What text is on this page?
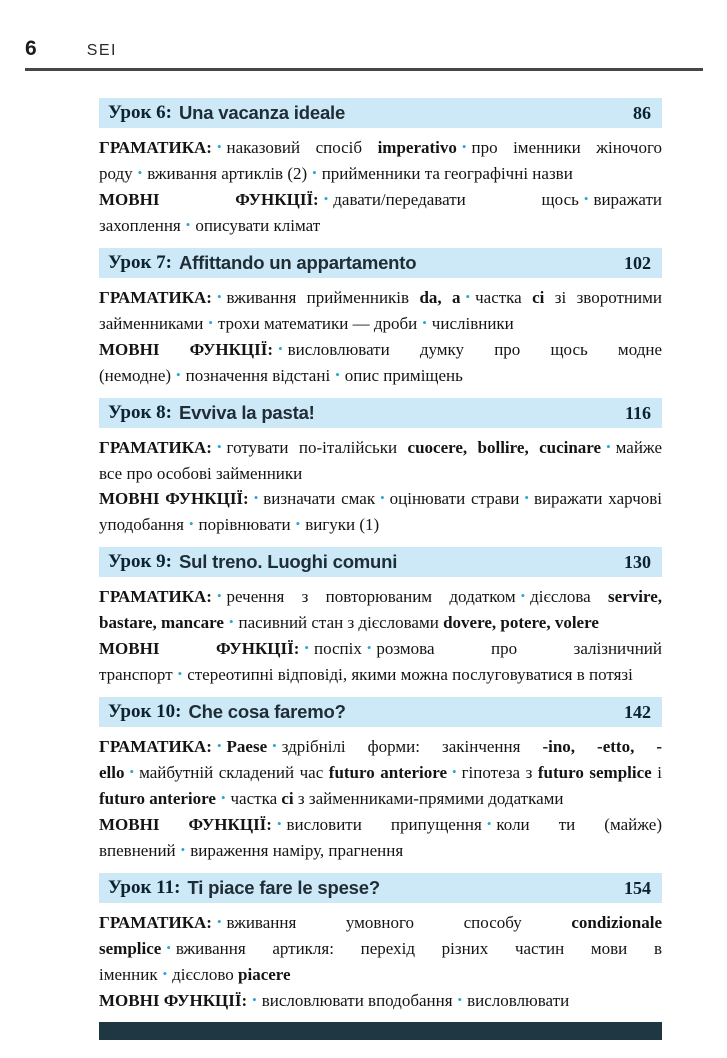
6	SEI
Урок 6: Una vacanza ideale	86

ГРАМАТИКА: • наказовий спосіб imperativo • про іменники жіночого роду • вживання артиклів (2) • прийменники та географічні назви

МОВНІ ФУНКЦІЇ: • давати/передавати щось • виражати захоплення • описувати клімат

Урок 7: Affittando un appartamento	102

ГРАМАТИКА: • вживання прийменників da, a • частка ci зі зворотними займенниками • трохи математики — дроби • числівники

МОВНІ ФУНКЦІЇ: • висловлювати думку про щось модне (немодне) • позначення відстані • опис приміщень

Урок 8: Evviva la pasta!	116

ГРАМАТИКА: • готувати по-італійськи cuocere, bollire, cucinare • майже все про особові займенники

МОВНІ ФУНКЦІЇ: • визначати смак • оцінювати страви • виражати харчові уподобання • порівнювати • вигуки (1)

Урок 9: Sul treno. Luoghi comuni	130

ГРАМАТИКА: • речення з повторюваним додатком • дієслова servire, bastare, mancare • пасивний стан з дієсловами dovere, potere, volere

МОВНІ ФУНКЦІЇ: • поспіх • розмова про залізничний транспорт • стереотипні відповіді, якими можна послуговуватися в потязі

Урок 10: Che cosa faremo?	142

ГРАМАТИКА: • Paese • здрібнілі форми: закінчення -ino, -etto, -ello • майбутній складений час futuro anteriore • гіпотеза з futuro semplice і futuro anteriore • частка ci з займенниками-прямими додатками

МОВНІ ФУНКЦІЇ: • висловити припущення • коли ти (майже) впевнений • вираження наміру, прагнення

Урок 11: Ti piace fare le spese?	154

ГРАМАТИКА: • вживання умовного способу condizionale semplice • вживання артикля: перехід різних частин мови в іменник • дієслово piacere

МОВНІ ФУНКЦІЇ: • висловлювати вподобання • висловлювати
